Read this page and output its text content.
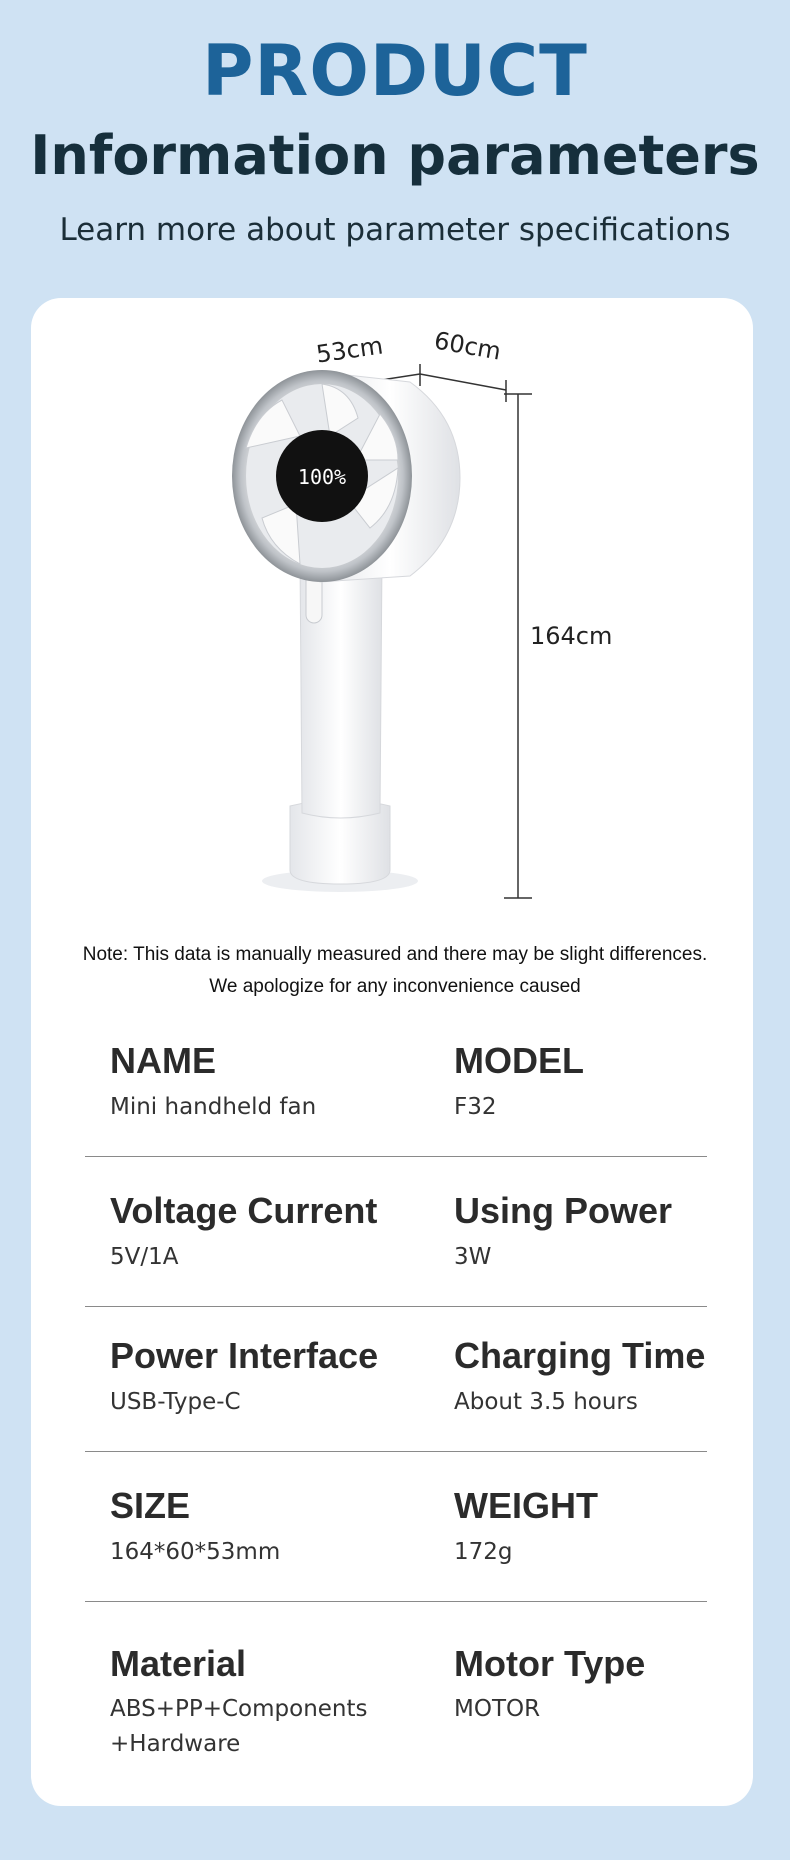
PRODUCT
Information parameters
Learn more about parameter specifications
100%
53cm 60cm
164cm
Note: This data is manually measured and there may be slight differences.
We apologize for any inconvenience caused
NAME
Mini handheld fan
MODEL
F32
Voltage Current
5V/1A
Using Power
3W
Power Interface
USB-Type-C
Charging Time
About 3.5 hours
SIZE
164*60*53mm
WEIGHT
172g
Material
ABS+PP+Components
+Hardware
Motor Type
MOTOR
